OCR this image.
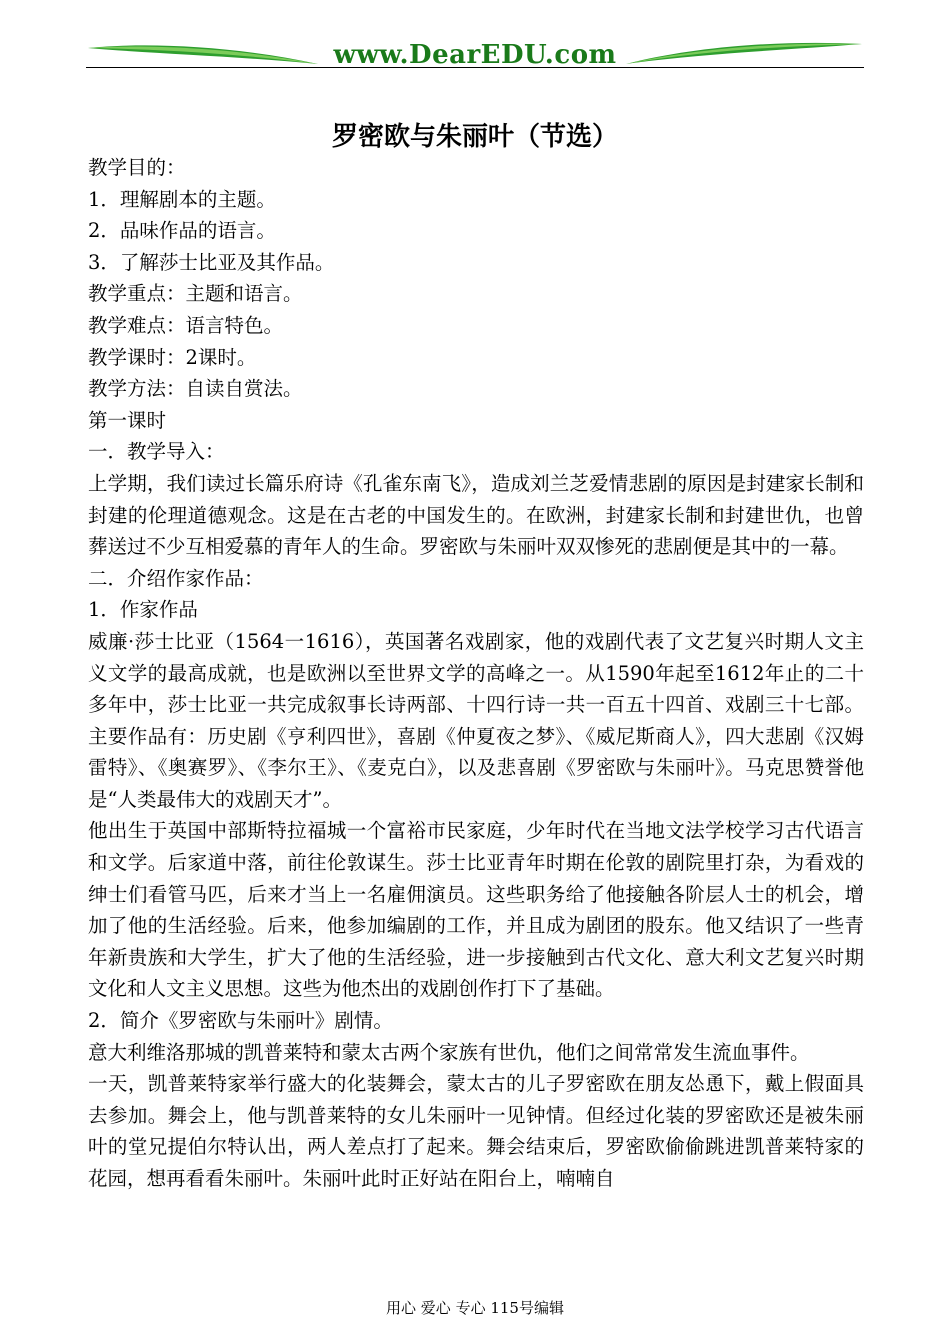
www.DearEDU.com
罗密欧与朱丽叶（节选）

教学目的：

1．理解剧本的主题。

2．品味作品的语言。

3．了解莎士比亚及其作品。

教学重点：主题和语言。

教学难点：语言特色。

教学课时：2课时。

教学方法：自读自赏法。

第一课时

一．教学导入：

上学期，我们读过长篇乐府诗《孔雀东南飞》，造成刘兰芝爱情悲剧的原因是封建家长制和封建的伦理道德观念。这是在古老的中国发生的。在欧洲，封建家长制和封建世仇，也曾葬送过不少互相爱慕的青年人的生命。罗密欧与朱丽叶双双惨死的悲剧便是其中的一幕。

二．介绍作家作品：

1．作家作品

威廉·莎士比亚（1564一1616），英国著名戏剧家，他的戏剧代表了文艺复兴时期人文主义文学的最高成就，也是欧洲以至世界文学的高峰之一。从1590年起至1612年止的二十多年中，莎士比亚一共完成叙事长诗两部、十四行诗一共一百五十四首、戏剧三十七部。主要作品有：历史剧《亨利四世》，喜剧《仲夏夜之梦》、《威尼斯商人》，四大悲剧《汉姆雷特》、《奥赛罗》、《李尔王》、《麦克白》，以及悲喜剧《罗密欧与朱丽叶》。马克思赞誉他是“人类最伟大的戏剧天才”。

他出生于英国中部斯特拉福城一个富裕市民家庭，少年时代在当地文法学校学习古代语言和文学。后家道中落，前往伦敦谋生。莎士比亚青年时期在伦敦的剧院里打杂，为看戏的绅士们看管马匹，后来才当上一名雇佣演员。这些职务给了他接触各阶层人士的机会，增加了他的生活经验。后来，他参加编剧的工作，并且成为剧团的股东。他又结识了一些青年新贵族和大学生，扩大了他的生活经验，进一步接触到古代文化、意大利文艺复兴时期文化和人文主义思想。这些为他杰出的戏剧创作打下了基础。

2．简介《罗密欧与朱丽叶》剧情。

意大利维洛那城的凯普莱特和蒙太古两个家族有世仇，他们之间常常发生流血事件。

一天，凯普莱特家举行盛大的化装舞会，蒙太古的儿子罗密欧在朋友怂恿下，戴上假面具去参加。舞会上，他与凯普莱特的女儿朱丽叶一见钟情。但经过化装的罗密欧还是被朱丽叶的堂兄提伯尔特认出，两人差点打了起来。舞会结束后，罗密欧偷偷跳进凯普莱特家的花园，想再看看朱丽叶。朱丽叶此时正好站在阳台上，喃喃自

用心 爱心 专心 115号编辑
